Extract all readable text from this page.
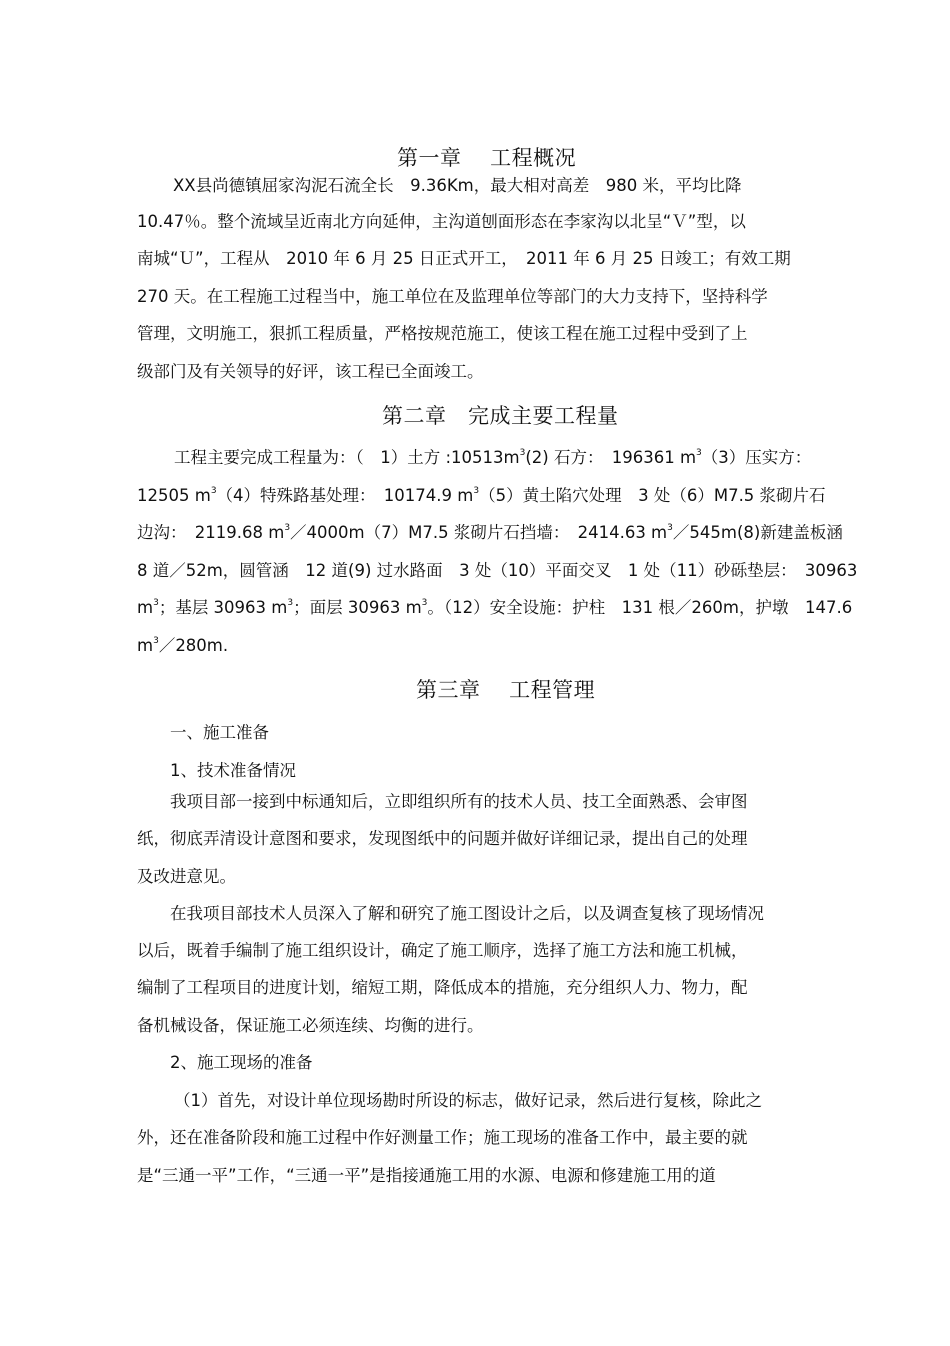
第一章　 工程概况
XX县尚德镇屈家沟泥石流全长　9.36Km，最大相对高差　980 米，平均比降
10.47％。整个流域呈近南北方向延伸，主沟道刨面形态在李家沟以北呈“Ｖ”型，以
南城“Ｕ”，工程从　2010 年 6 月 25 日正式开工，　2011 年 6 月 25 日竣工；有效工期
270 天。在工程施工过程当中，施工单位在及监理单位等部门的大力支持下，坚持科学
管理，文明施工，狠抓工程质量，严格按规范施工，使该工程在施工过程中受到了上
级部门及有关领导的好评，该工程已全面竣工。
第二章　完成主要工程量
工程主要完成工程量为：（　1）土方 $:10513m^3(2)$ 石方：　196361 $m^3(3)$压实方：
12505 $m^3(4)$特殊路基处理：　10174.9 $m^3(5)$黄土陷穴处理　3 处（6）M7.5 浆砌片石
边沟：　2119.68 $m^3/4000m(7)M7.5$ 浆砌片石挡墙：　2414.63 $m^3/545m(8)$新建盖板涵
8 道／52m，圆管涵　12 道(9) 过水路面　3 处（10）平面交叉　1 处（11）砂砾垫层：　30963
$m^3$；基层 30963 $m^3$；面层 30963 $m^3$。（12）安全设施：护柱　131 根／260m，护墩　147.6
$m^3/280m$.
第三章　 工程管理
一、施工准备
1、技术准备情况
我项目部一接到中标通知后，立即组织所有的技术人员、技工全面熟悉、会审图
纸，彻底弄清设计意图和要求，发现图纸中的问题并做好详细记录，提出自己的处理
及改进意见。
在我项目部技术人员深入了解和研究了施工图设计之后，以及调查复核了现场情况
以后，既着手编制了施工组织设计，确定了施工顺序，选择了施工方法和施工机械，
编制了工程项目的进度计划，缩短工期，降低成本的措施，充分组织人力、物力，配
备机械设备，保证施工必须连续、均衡的进行。
2、施工现场的准备
（1）首先，对设计单位现场勘时所设的标志，做好记录，然后进行复核，除此之
外，还在准备阶段和施工过程中作好测量工作；施工现场的准备工作中，最主要的就
是“三通一平”工作，“三通一平”是指接通施工用的水源、电源和修建施工用的道
